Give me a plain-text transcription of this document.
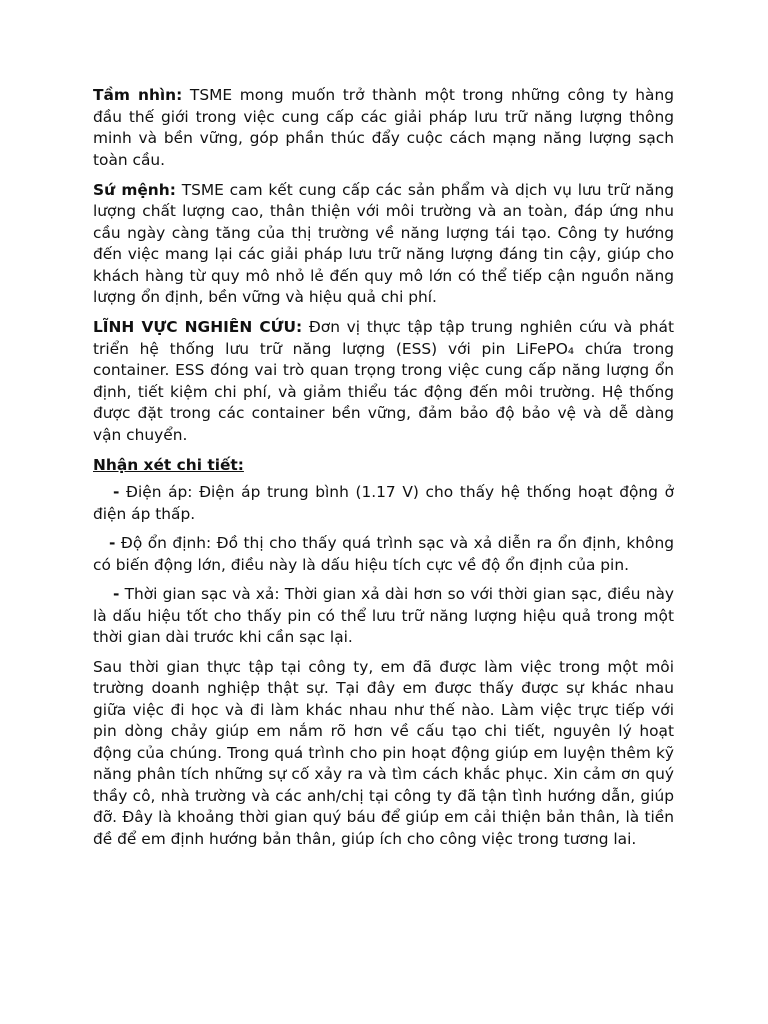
Tầm nhìn: TSME mong muốn trở thành một trong những công ty hàng đầu thế giới trong việc cung cấp các giải pháp lưu trữ năng lượng thông minh và bền vững, góp phần thúc đẩy cuộc cách mạng năng lượng sạch toàn cầu.

Sứ mệnh: TSME cam kết cung cấp các sản phẩm và dịch vụ lưu trữ năng lượng chất lượng cao, thân thiện với môi trường và an toàn, đáp ứng nhu cầu ngày càng tăng của thị trường về năng lượng tái tạo. Công ty hướng đến việc mang lại các giải pháp lưu trữ năng lượng đáng tin cậy, giúp cho khách hàng từ quy mô nhỏ lẻ đến quy mô lớn có thể tiếp cận nguồn năng lượng ổn định, bền vững và hiệu quả chi phí.

LĨNH VỰC NGHIÊN CỨU: Đơn vị thực tập tập trung nghiên cứu và phát triển hệ thống lưu trữ năng lượng (ESS) với pin LiFePO₄ chứa trong container. ESS đóng vai trò quan trọng trong việc cung cấp năng lượng ổn định, tiết kiệm chi phí, và giảm thiểu tác động đến môi trường. Hệ thống được đặt trong các container bền vững, đảm bảo độ bảo vệ và dễ dàng vận chuyển.

Nhận xét chi tiết:

- Điện áp: Điện áp trung bình (1.17 V) cho thấy hệ thống hoạt động ở điện áp thấp.

- Độ ổn định: Đồ thị cho thấy quá trình sạc và xả diễn ra ổn định, không có biến động lớn, điều này là dấu hiệu tích cực về độ ổn định của pin.

- Thời gian sạc và xả: Thời gian xả dài hơn so với thời gian sạc, điều này là dấu hiệu tốt cho thấy pin có thể lưu trữ năng lượng hiệu quả trong một thời gian dài trước khi cần sạc lại.

Sau thời gian thực tập tại công ty, em đã được làm việc trong một môi trường doanh nghiệp thật sự. Tại đây em được thấy được sự khác nhau giữa việc đi học và đi làm khác nhau như thế nào. Làm việc trực tiếp với pin dòng chảy giúp em nắm rõ hơn về cấu tạo chi tiết, nguyên lý hoạt động của chúng. Trong quá trình cho pin hoạt động giúp em luyện thêm kỹ năng phân tích những sự cố xảy ra và tìm cách khắc phục. Xin cảm ơn quý thầy cô, nhà trường và các anh/chị tại công ty đã tận tình hướng dẫn, giúp đỡ. Đây là khoảng thời gian quý báu để giúp em cải thiện bản thân, là tiền đề để em định hướng bản thân, giúp ích cho công việc trong tương lai.
